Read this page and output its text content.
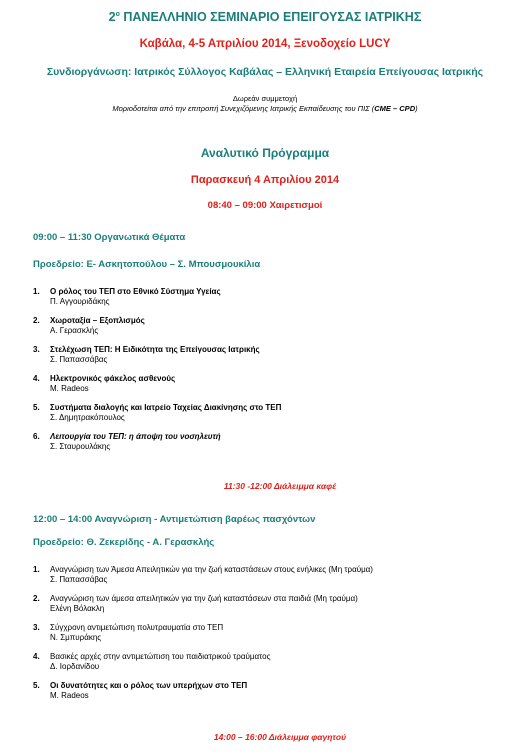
$2^o$ ΠΑΝΕΛΛΗΝΙΟ ΣΕΜΙΝΑΡΙΟ ΕΠΕΙΓΟΥΣΑΣ ΙΑΤΡΙΚΗΣ
Καβάλα, 4-5 Απριλίου 2014, Ξενοδοχείο LUCY
Συνδιοργάνωση: Ιατρικός Σύλλογος Καβάλας – Ελληνική Εταιρεία Επείγουσας Ιατρικής
Δωρεάν συμμετοχή
Μοριοδοτείται από την επιτροπή Συνεχιζόμενης Ιατρικής Εκπαίδευσης του ΠΙΣ (CME – CPD)
Αναλυτικό Πρόγραμμα
Παρασκευή 4 Απριλίου 2014
08:40 – 09:00 Χαιρετισμοί
09:00 – 11:30 Οργανωτικά Θέματα
Προεδρείο: Ε- Ασκητοπούλου – Σ. Μπουσμουκίλια
1. Ο ρόλος του ΤΕΠ στο Εθνικό Σύστημα Υγείας
Π. Αγγουριδάκης
2. Χωροταξία – Εξοπλισμός
Α. Γερασκλής
3. Στελέχωση ΤΕΠ: Η Ειδικότητα της Επείγουσας Ιατρικής
Σ. Παπασσάβας
4. Ηλεκτρονικός φάκελος ασθενούς
M. Radeos
5. Συστήματα διαλογής και Ιατρείο Ταχείας Διακίνησης στο ΤΕΠ
Σ. Δημητρακόπουλος
6. Λειτουργία του ΤΕΠ: η άποψη του νοσηλευτή
Σ. Σταυρουλάκης
11:30 -12:00 Διάλειμμα καφέ
12:00 – 14:00 Αναγνώριση - Αντιμετώπιση βαρέως πασχόντων
Προεδρείο: Θ. Ζεκερίδης - Α. Γερασκλής
1. Αναγνώριση των Άμεσα Απειλητικών για την ζωή καταστάσεων στους ενήλικες (Μη τραύμα)
Σ. Παπασσάβας
2. Αναγνώριση των άμεσα απειλητικών για την ζωή καταστάσεων στα παιδιά (Μη τραύμα)
Ελένη Βόλακλη
3. Σύγχρονη αντιμετώπιση πολυτραυματία στο ΤΕΠ
Ν. Σμπυράκης
4. Βασικές αρχές στην αντιμετώπιση του παιδιατρικού τραύματος
Δ. Ιορδανίδου
5. Οι δυνατότητες και ο ρόλος των υπερήχων στο ΤΕΠ
M. Radeos
14:00 – 16:00 Διάλειμμα φαγητού
